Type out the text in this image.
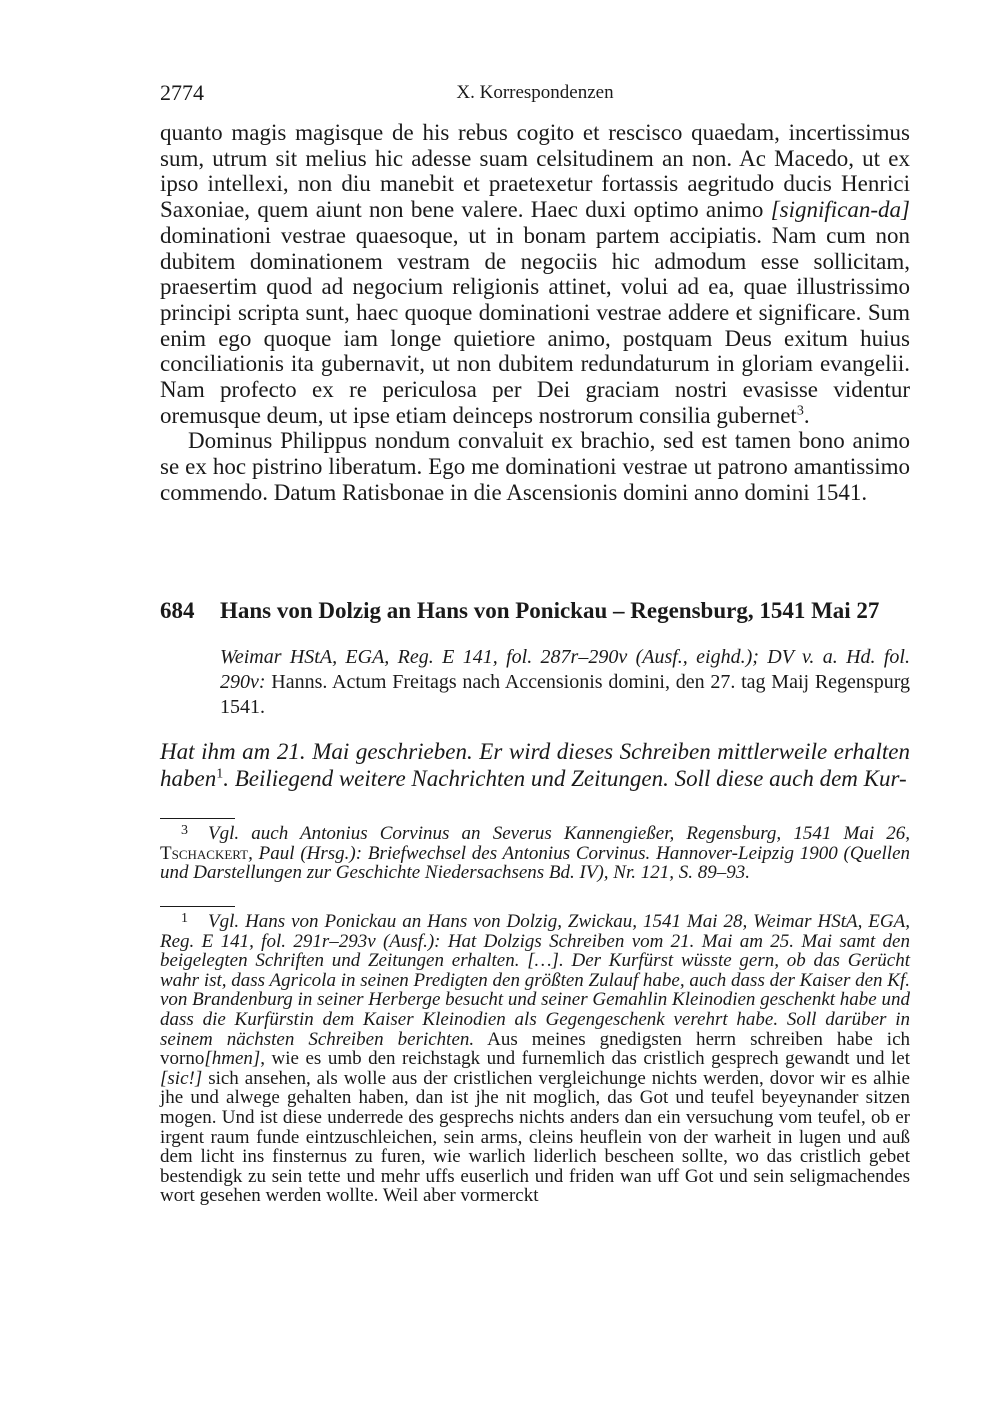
2774	X. Korrespondenzen

quanto magis magisque de his rebus cogito et rescisco quaedam, incertissimus sum, utrum sit melius hic adesse suam celsitudinem an non. Ac Macedo, ut ex ipso intellexi, non diu manebit et praetexetur fortassis aegritudo ducis Henrici Saxoniae, quem aiunt non bene valere. Haec duxi optimo animo [significan-da] dominationi vestrae quaesoque, ut in bonam partem accipiatis. Nam cum non dubitem dominationem vestram de negociis hic admodum esse sollicitam, praesertim quod ad negocium religionis attinet, volui ad ea, quae illustrissimo principi scripta sunt, haec quoque dominationi vestrae addere et significare. Sum enim ego quoque iam longe quietiore animo, postquam Deus exitum huius conciliationis ita gubernavit, ut non dubitem redundaturum in gloriam evangelii. Nam profecto ex re periculosa per Dei graciam nostri evasisse videntur oremusque deum, ut ipse etiam deinceps nostrorum consilia gubernet$^3$.

Dominus Philippus nondum convaluit ex brachio, sed est tamen bono animo se ex hoc pistrino liberatum. Ego me dominationi vestrae ut patrono amantissimo commendo. Datum Ratisbonae in die Ascensionis domini anno domini 1541.

684 Hans von Dolzig an Hans von Ponickau – Regensburg, 1541 Mai 27
Weimar HStA, EGA, Reg. E 141, fol. 287r–290v (Ausf., eighd.); DV v. a. Hd. fol. 290v: Hanns. Actum Freitags nach Accensionis domini, den 27. tag Maij Regenspurg 1541.
Hat ihm am 21. Mai geschrieben. Er wird dieses Schreiben mittlerweile erhalten haben$^1$. Beiliegend weitere Nachrichten und Zeitungen. Soll diese auch dem Kur-
3 Vgl. auch Antonius Corvinus an Severus Kannengießer, Regensburg, 1541 Mai 26, Tschackert, Paul (Hrsg.): Briefwechsel des Antonius Corvinus. Hannover-Leipzig 1900 (Quellen und Darstellungen zur Geschichte Niedersachsens Bd. IV), Nr. 121, S. 89–93.
1 Vgl. Hans von Ponickau an Hans von Dolzig, Zwickau, 1541 Mai 28, Weimar HStA, EGA, Reg. E 141, fol. 291r–293v (Ausf.): Hat Dolzigs Schreiben vom 21. Mai am 25. Mai samt den beigelegten Schriften und Zeitungen erhalten. […]. Der Kurfürst wüsste gern, ob das Gerücht wahr ist, dass Agricola in seinen Predigten den größten Zulauf habe, auch dass der Kaiser den Kf. von Brandenburg in seiner Herberge besucht und seiner Gemahlin Kleinodien geschenkt habe und dass die Kurfürstin dem Kaiser Kleinodien als Gegengeschenk verehrt habe. Soll darüber in seinem nächsten Schreiben berichten. Aus meines gnedigsten herrn schreiben habe ich vorno[hmen], wie es umb den reichstagk und furnemlich das cristlich gesprech gewandt und let [sic!] sich ansehen, als wolle aus der cristlichen vergleichunge nichts werden, dovor wir es alhie jhe und alwege gehalten haben, dan ist jhe nit moglich, das Got und teufel beyeynander sitzen mogen. Und ist diese underrede des gesprechs nichts anders dan ein versuchung vom teufel, ob er irgent raum funde eintzuschleichen, sein arms, cleins heuflein von der warheit in lugen und auß dem licht ins finsternus zu furen, wie warlich liderlich bescheen sollte, wo das cristlich gebet bestendigk zu sein tette und mehr uffs euserlich und friden wan uff Got und sein seligmachendes wort gesehen werden wollte. Weil aber vormerckt
